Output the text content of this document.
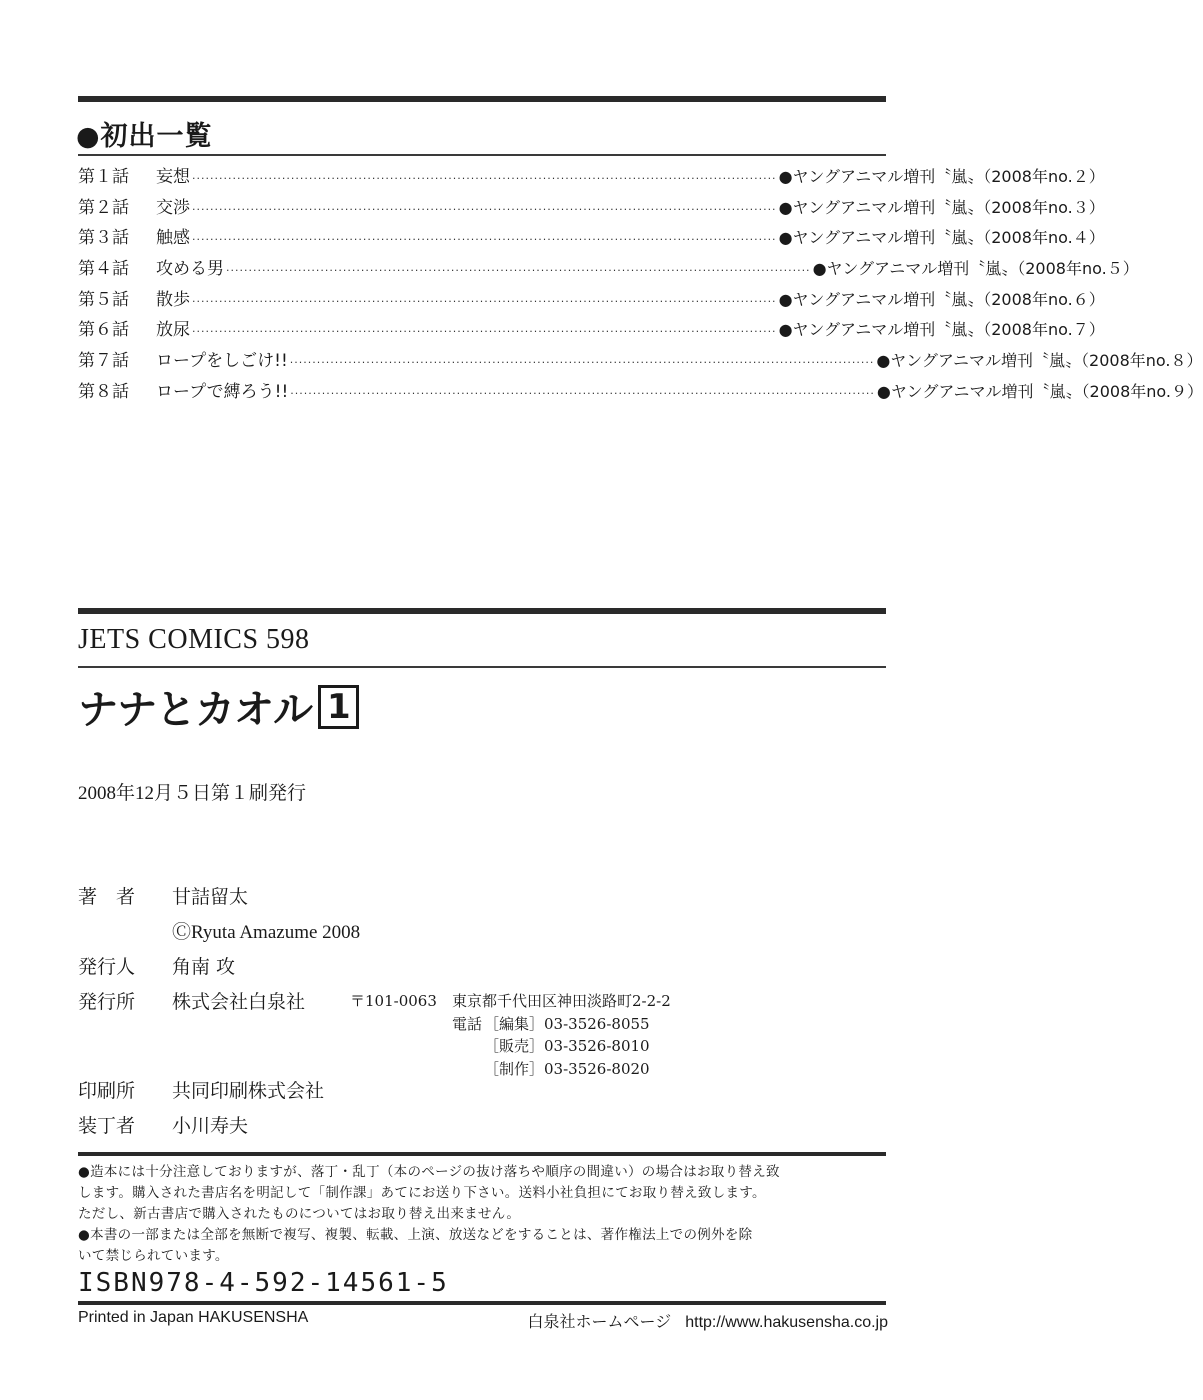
●初出一覧
第１話	妄想 ·································································································································· ●ヤングアニマル増刊〝嵐〟（2008年no.２）
第２話	交渉 ·································································································································· ●ヤングアニマル増刊〝嵐〟（2008年no.３）
第３話	触感 ·································································································································· ●ヤングアニマル増刊〝嵐〟（2008年no.４）
第４話	攻める男 ·································································································································· ●ヤングアニマル増刊〝嵐〟（2008年no.５）
第５話	散歩 ·································································································································· ●ヤングアニマル増刊〝嵐〟（2008年no.６）
第６話	放尿 ·································································································································· ●ヤングアニマル増刊〝嵐〟（2008年no.７）
第７話	ロープをしごけ!! ·································································································································· ●ヤングアニマル増刊〝嵐〟（2008年no.８）
第８話	ロープで縛ろう!! ·································································································································· ●ヤングアニマル増刊〝嵐〟（2008年no.９）
JETS COMICS 598
ナナとカオル 1
2008年12月５日第１刷発行
著　者 甘詰留太
ⒸRyuta Amazume 2008
発行人 角南 攻
発行所 株式会社白泉社	〒101-0063 東京都千代田区神田淡路町2-2-2
電話 ［編集］03-3526-8055
［販売］03-3526-8010
［制作］03-3526-8020
印刷所 共同印刷株式会社
装丁者 小川寿夫
●造本には十分注意しておりますが、落丁・乱丁（本のページの抜け落ちや順序の間違い）の場合はお取り替え致
します。購入された書店名を明記して「制作課」あてにお送り下さい。送料小社負担にてお取り替え致します。
ただし、新古書店で購入されたものについてはお取り替え出来ません。
●本書の一部または全部を無断で複写、複製、転載、上演、放送などをすることは、著作権法上での例外を除
いて禁じられています。
ISBN978-4-592-14561-5
Printed in Japan HAKUSENSHA	白泉社ホームページ http://www.hakusensha.co.jp
